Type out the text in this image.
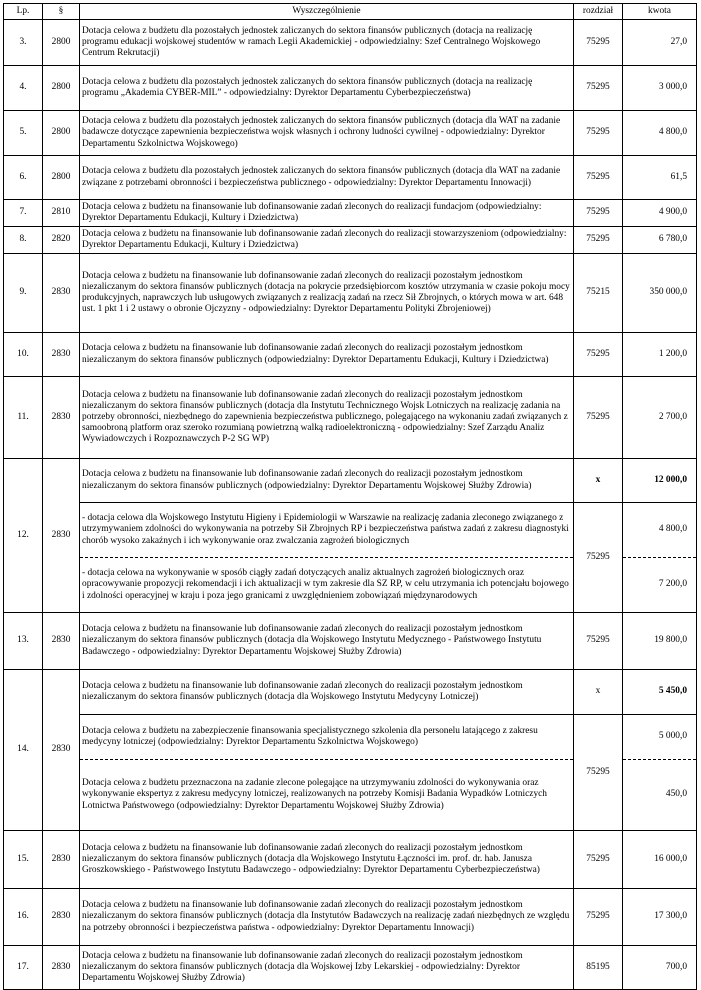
Lp.	§	Wyszczególnienie	rozdział	kwota
3.	2800	Dotacja celowa z budżetu dla pozostałych jednostek zaliczanych do sektora finansów publicznych (dotacja na realizację programu edukacji wojskowej studentów w ramach Legii Akademickiej - odpowiedzialny: Szef Centralnego Wojskowego Centrum Rekrutacji)	75295	27,0
4.	2800	Dotacja celowa z budżetu dla pozostałych jednostek zaliczanych do sektora finansów publicznych (dotacja na realizację programu „Akademia CYBER-MIL” - odpowiedzialny: Dyrektor Departamentu Cyberbezpieczeństwa)	75295	3 000,0
5.	2800	Dotacja celowa z budżetu dla pozostałych jednostek zaliczanych do sektora finansów publicznych (dotacja dla WAT na zadanie badawcze dotyczące zapewnienia bezpieczeństwa wojsk własnych i ochrony ludności cywilnej - odpowiedzialny: Dyrektor Departamentu Szkolnictwa Wojskowego)	75295	4 800,0
6.	2800	Dotacja celowa z budżetu dla pozostałych jednostek zaliczanych do sektora finansów publicznych (dotacja dla WAT na zadanie związane z potrzebami obronności i bezpieczeństwa publicznego - odpowiedzialny: Dyrektor Departamentu Innowacji)	75295	61,5
7.	2810	Dotacja celowa z budżetu na finansowanie lub dofinansowanie zadań zleconych do realizacji fundacjom (odpowiedzialny: Dyrektor Departamentu Edukacji, Kultury i Dziedzictwa)	75295	4 900,0
8.	2820	Dotacja celowa z budżetu na finansowanie lub dofinansowanie zadań zleconych do realizacji stowarzyszeniom (odpowiedzialny: Dyrektor Departamentu Edukacji, Kultury i Dziedzictwa)	75295	6 780,0
9.	2830	Dotacja celowa z budżetu na finansowanie lub dofinansowanie zadań zleconych do realizacji pozostałym jednostkom niezaliczanym do sektora finansów publicznych (dotacja na pokrycie przedsiębiorcom kosztów utrzymania w czasie pokoju mocy produkcyjnych, naprawczych lub usługowych związanych z realizacją zadań na rzecz Sił Zbrojnych, o których mowa w art. 648 ust. 1 pkt 1 i 2 ustawy o obronie Ojczyzny - odpowiedzialny: Dyrektor Departamentu Polityki Zbrojeniowej)	75215	350 000,0
10.	2830	Dotacja celowa z budżetu na finansowanie lub dofinansowanie zadań zleconych do realizacji pozostałym jednostkom niezaliczanym do sektora finansów publicznych (odpowiedzialny: Dyrektor Departamentu Edukacji, Kultury i Dziedzictwa)	75295	1 200,0
11.	2830	Dotacja celowa z budżetu na finansowanie lub dofinansowanie zadań zleconych do realizacji pozostałym jednostkom niezaliczanym do sektora finansów publicznych (dotacja dla Instytutu Technicznego Wojsk Lotniczych na realizację zadania na potrzeby obronności, niezbędnego do zapewnienia bezpieczeństwa publicznego, polegającego na wykonaniu zadań związanych z samoobroną platform oraz szeroko rozumianą powietrzną walką radioelektroniczną - odpowiedzialny: Szef Zarządu Analiz Wywiadowczych i Rozpoznawczych P-2 SG WP)	75295	2 700,0
12.	2830	Dotacja celowa z budżetu na finansowanie lub dofinansowanie zadań zleconych do realizacji pozostałym jednostkom niezaliczanym do sektora finansów publicznych (odpowiedzialny: Dyrektor Departamentu Wojskowej Służby Zdrowia)	x	12 000,0
		- dotacja celowa dla Wojskowego Instytutu Higieny i Epidemiologii w Warszawie na realizację zadania zleconego związanego z utrzymywaniem zdolności do wykonywania na potrzeby Sił Zbrojnych RP i bezpieczeństwa państwa zadań z zakresu diagnostyki chorób wysoko zakaźnych i ich wykonywanie oraz zwalczania zagrożeń biologicznych	75295	4 800,0
		- dotacja celowa na wykonywanie w sposób ciągły zadań dotyczących analiz aktualnych zagrożeń biologicznych oraz opracowywanie propozycji rekomendacji i ich aktualizacji w tym zakresie dla SZ RP, w celu utrzymania ich potencjału bojowego i zdolności operacyjnej w kraju i poza jego granicami z uwzględnieniem zobowiązań międzynarodowych		7 200,0
13.	2830	Dotacja celowa z budżetu na finansowanie lub dofinansowanie zadań zleconych do realizacji pozostałym jednostkom niezaliczanym do sektora finansów publicznych (dotacja dla Wojskowego Instytutu Medycznego - Państwowego Instytutu Badawczego - odpowiedzialny: Dyrektor Departamentu Wojskowej Służby Zdrowia)	75295	19 800,0
14.	2830	Dotacja celowa z budżetu na finansowanie lub dofinansowanie zadań zleconych do realizacji pozostałym jednostkom niezaliczanym do sektora finansów publicznych (dotacja dla Wojskowego Instytutu Medycyny Lotniczej)	x	5 450,0
		Dotacja celowa z budżetu na zabezpieczenie finansowania specjalistycznego szkolenia dla personelu latającego z zakresu medycyny lotniczej (odpowiedzialny: Dyrektor Departamentu Szkolnictwa Wojskowego)	75295	5 000,0
		Dotacja celowa z budżetu przeznaczona na zadanie zlecone polegające na utrzymywaniu zdolności do wykonywania oraz wykonywanie ekspertyz z zakresu medycyny lotniczej, realizowanych na potrzeby Komisji Badania Wypadków Lotniczych Lotnictwa Państwowego (odpowiedzialny: Dyrektor Departamentu Wojskowej Służby Zdrowia)		450,0
15.	2830	Dotacja celowa z budżetu na finansowanie lub dofinansowanie zadań zleconych do realizacji pozostałym jednostkom niezaliczanym do sektora finansów publicznych (dotacja dla Wojskowego Instytutu Łączności im. prof. dr. hab. Janusza Groszkowskiego - Państwowego Instytutu Badawczego - odpowiedzialny: Dyrektor Departamentu Cyberbezpieczeństwa)	75295	16 000,0
16.	2830	Dotacja celowa z budżetu na finansowanie lub dofinansowanie zadań zleconych do realizacji pozostałym jednostkom niezaliczanym do sektora finansów publicznych (dotacja dla Instytutów Badawczych na realizację zadań niezbędnych ze względu na potrzeby obronności i bezpieczeństwa państwa - odpowiedzialny: Dyrektor Departamentu Innowacji)	75295	17 300,0
17.	2830	Dotacja celowa z budżetu na finansowanie lub dofinansowanie zadań zleconych do realizacji pozostałym jednostkom niezaliczanym do sektora finansów publicznych (dotacja dla Wojskowej Izby Lekarskiej - odpowiedzialny: Dyrektor Departamentu Wojskowej Służby Zdrowia)	85195	700,0
